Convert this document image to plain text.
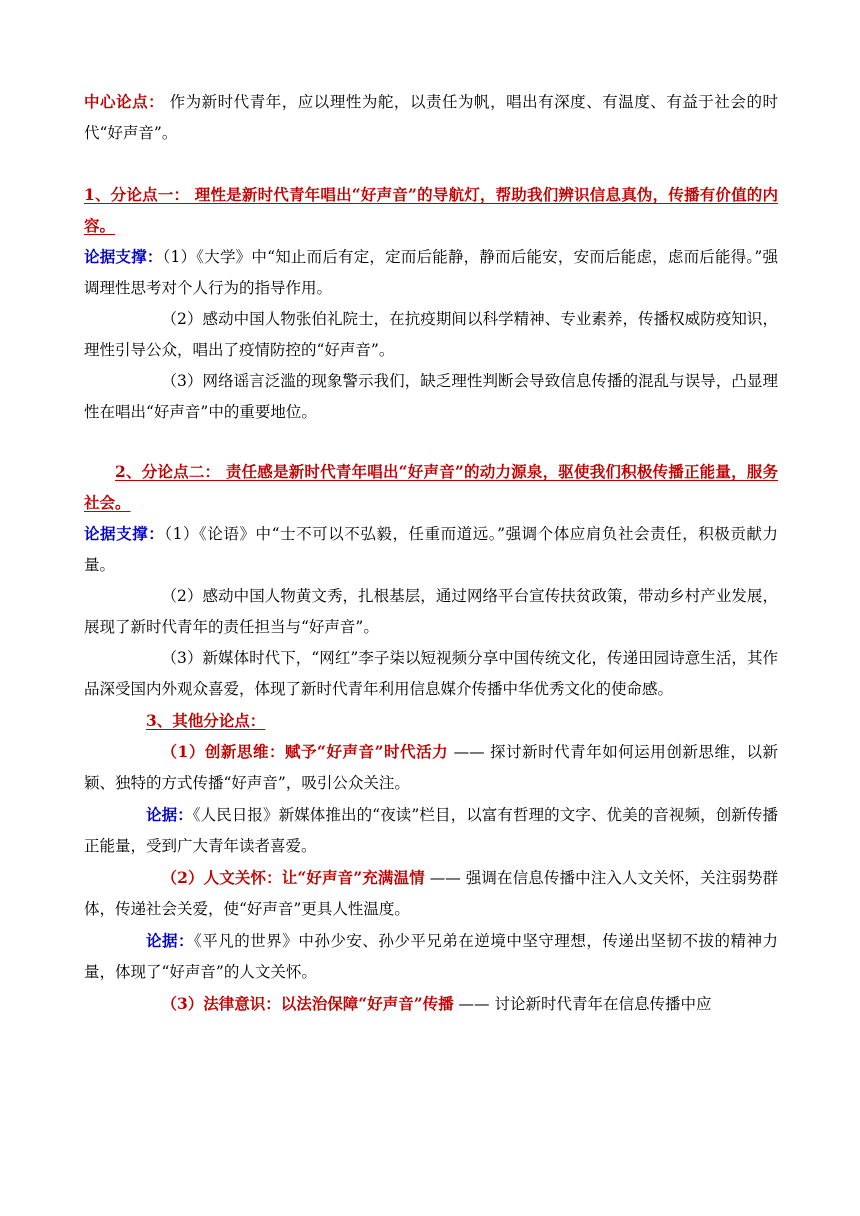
中心论点： 作为新时代青年，应以理性为舵，以责任为帆，唱出有深度、有温度、有益于社会的时代“好声音”。

1、分论点一： 理性是新时代青年唱出“好声音”的导航灯，帮助我们辨识信息真伪，传播有价值的内容。

论据支撑：（1）《大学》中“知止而后有定，定而后能静，静而后能安，安而后能虑，虑而后能得。”强调理性思考对个人行为的指导作用。

（2）感动中国人物张伯礼院士，在抗疫期间以科学精神、专业素养，传播权威防疫知识，理性引导公众，唱出了疫情防控的“好声音”。

（3）网络谣言泛滥的现象警示我们，缺乏理性判断会导致信息传播的混乱与误导，凸显理性在唱出“好声音”中的重要地位。

2、分论点二： 责任感是新时代青年唱出“好声音”的动力源泉，驱使我们积极传播正能量，服务社会。

论据支撑：（1）《论语》中“士不可以不弘毅，任重而道远。”强调个体应肩负社会责任，积极贡献力量。

（2）感动中国人物黄文秀，扎根基层，通过网络平台宣传扶贫政策，带动乡村产业发展，展现了新时代青年的责任担当与“好声音”。

（3）新媒体时代下，“网红”李子柒以短视频分享中国传统文化，传递田园诗意生活，其作品深受国内外观众喜爱，体现了新时代青年利用信息媒介传播中华优秀文化的使命感。

3、其他分论点：

（1）创新思维：赋予“好声音”时代活力 —— 探讨新时代青年如何运用创新思维，以新颖、独特的方式传播“好声音”，吸引公众关注。

论据：《人民日报》新媒体推出的“夜读”栏目，以富有哲理的文字、优美的音视频，创新传播正能量，受到广大青年读者喜爱。

（2）人文关怀：让“好声音”充满温情 —— 强调在信息传播中注入人文关怀，关注弱势群体，传递社会关爱，使“好声音”更具人性温度。

论据：《平凡的世界》中孙少安、孙少平兄弟在逆境中坚守理想，传递出坚韧不拔的精神力量，体现了“好声音”的人文关怀。

（3）法律意识：以法治保障“好声音”传播 —— 讨论新时代青年在信息传播中应
